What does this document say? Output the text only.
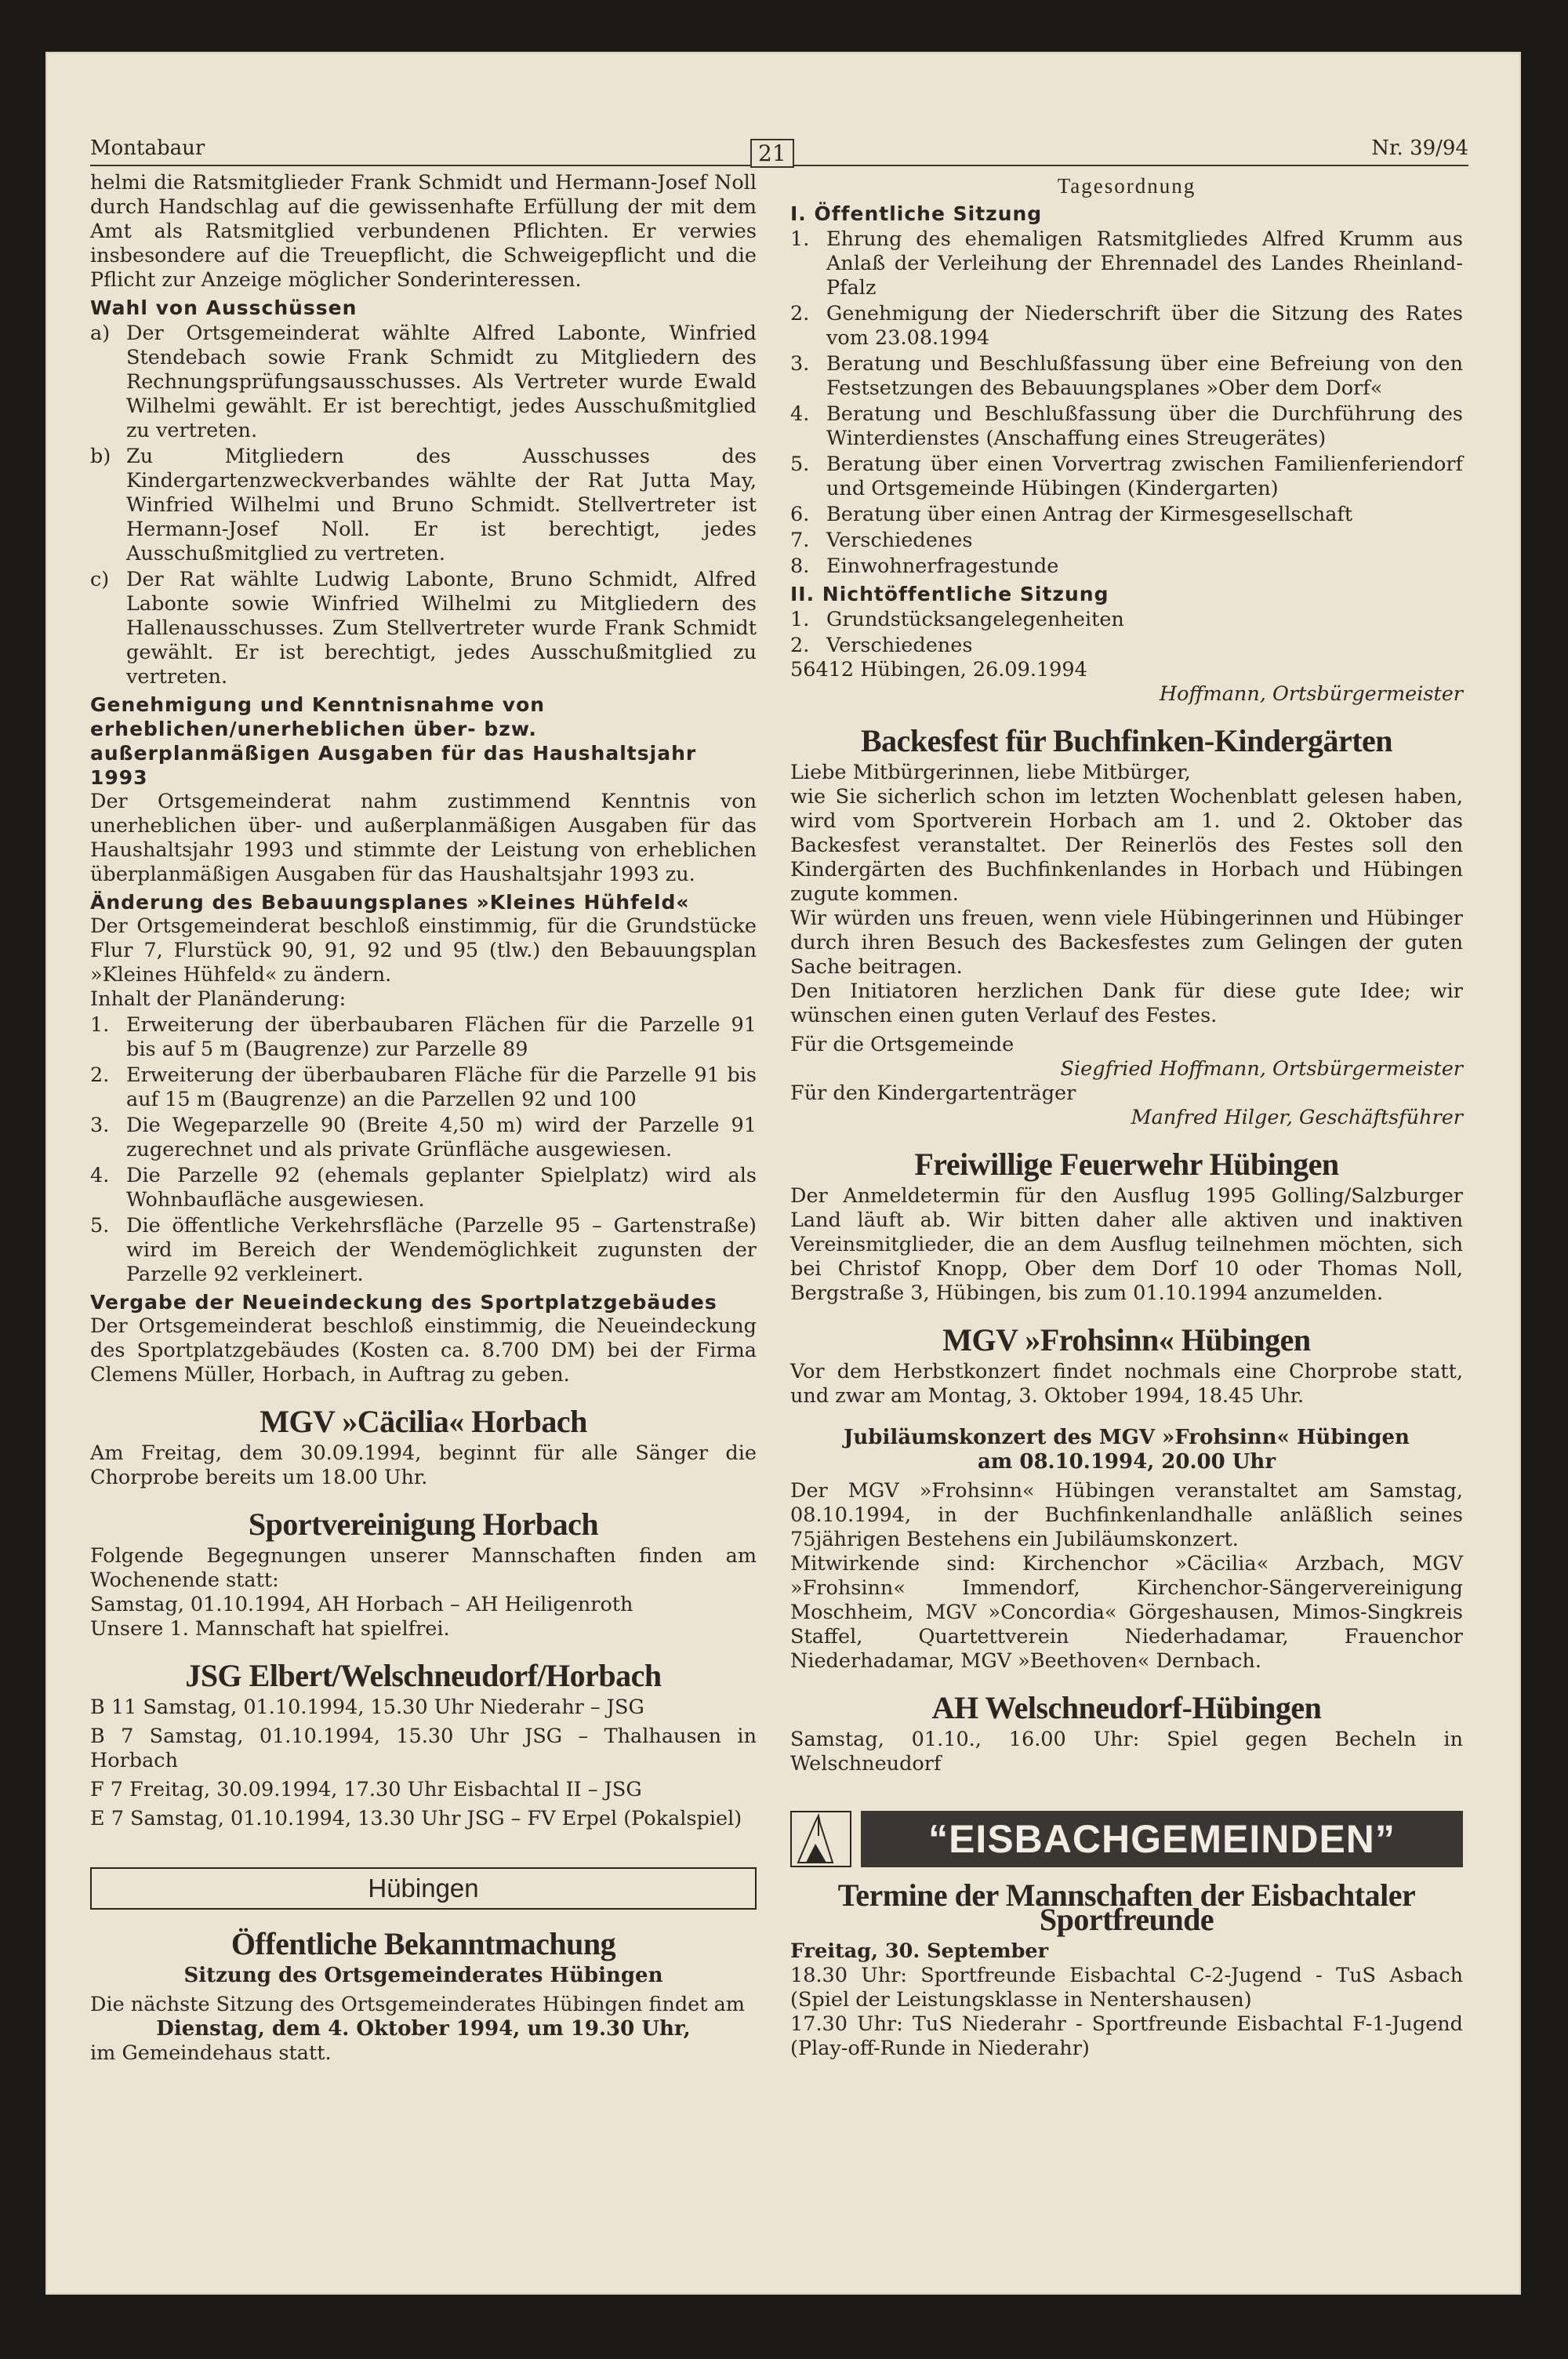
Montabaur	21	Nr. 39/94

helmi die Ratsmitglieder Frank Schmidt und Hermann-Josef Noll durch Handschlag auf die gewissenhafte Erfüllung der mit dem Amt als Ratsmitglied verbundenen Pflichten. Er verwies insbesondere auf die Treuepflicht, die Schweigepflicht und die Pflicht zur Anzeige möglicher Sonderinteressen.

Wahl von Ausschüssen
a) Der Ortsgemeinderat wählte Alfred Labonte, Winfried Stendebach sowie Frank Schmidt zu Mitgliedern des Rechnungsprüfungsausschusses. Als Vertreter wurde Ewald Wilhelmi gewählt. Er ist berechtigt, jedes Ausschußmitglied zu vertreten.
b) Zu Mitgliedern des Ausschusses des Kindergartenzweckverbandes wählte der Rat Jutta May, Winfried Wilhelmi und Bruno Schmidt. Stellvertreter ist Hermann-Josef Noll. Er ist berechtigt, jedes Ausschußmitglied zu vertreten.
c) Der Rat wählte Ludwig Labonte, Bruno Schmidt, Alfred Labonte sowie Winfried Wilhelmi zu Mitgliedern des Hallenausschusses. Zum Stellvertreter wurde Frank Schmidt gewählt. Er ist berechtigt, jedes Ausschußmitglied zu vertreten.
Genehmigung und Kenntnisnahme von erheblichen/unerheblichen über- bzw. außerplanmäßigen Ausgaben für das Haushaltsjahr 1993

Der Ortsgemeinderat nahm zustimmend Kenntnis von unerheblichen über- und außerplanmäßigen Ausgaben für das Haushaltsjahr 1993 und stimmte der Leistung von erheblichen überplanmäßigen Ausgaben für das Haushaltsjahr 1993 zu.

Änderung des Bebauungsplanes »Kleines Hühfeld«

Der Ortsgemeinderat beschloß einstimmig, für die Grundstücke Flur 7, Flurstück 90, 91, 92 und 95 (tlw.) den Bebauungsplan »Kleines Hühfeld« zu ändern.

Inhalt der Planänderung:

1. Erweiterung der überbaubaren Flächen für die Parzelle 91 bis auf 5 m (Baugrenze) zur Parzelle 89
2. Erweiterung der überbaubaren Fläche für die Parzelle 91 bis auf 15 m (Baugrenze) an die Parzellen 92 und 100
3. Die Wegeparzelle 90 (Breite 4,50 m) wird der Parzelle 91 zugerechnet und als private Grünfläche ausgewiesen.
4. Die Parzelle 92 (ehemals geplanter Spielplatz) wird als Wohnbaufläche ausgewiesen.
5. Die öffentliche Verkehrsfläche (Parzelle 95 – Gartenstraße) wird im Bereich der Wendemöglichkeit zugunsten der Parzelle 92 verkleinert.
Vergabe der Neueindeckung des Sportplatzgebäudes

Der Ortsgemeinderat beschloß einstimmig, die Neueindeckung des Sportplatzgebäudes (Kosten ca. 8.700 DM) bei der Firma Clemens Müller, Horbach, in Auftrag zu geben.

MGV »Cäcilia« Horbach

Am Freitag, dem 30.09.1994, beginnt für alle Sänger die Chorprobe bereits um 18.00 Uhr.

Sportvereinigung Horbach

Folgende Begegnungen unserer Mannschaften finden am Wochenende statt:

Samstag, 01.10.1994, AH Horbach – AH Heiligenroth

Unsere 1. Mannschaft hat spielfrei.

JSG Elbert/Welschneudorf/Horbach

B 11 Samstag, 01.10.1994, 15.30 Uhr Niederahr – JSG

B 7 Samstag, 01.10.1994, 15.30 Uhr JSG – Thalhausen in Horbach

F 7 Freitag, 30.09.1994, 17.30 Uhr Eisbachtal II – JSG

E 7 Samstag, 01.10.1994, 13.30 Uhr JSG – FV Erpel (Pokalspiel)

Hübingen
Öffentliche Bekanntmachung
Sitzung des Ortsgemeinderates Hübingen

Die nächste Sitzung des Ortsgemeinderates Hübingen findet am

Dienstag, dem 4. Oktober 1994, um 19.30 Uhr,

im Gemeindehaus statt.

Tagesordnung
I. Öffentliche Sitzung
1. Ehrung des ehemaligen Ratsmitgliedes Alfred Krumm aus Anlaß der Verleihung der Ehrennadel des Landes Rheinland-Pfalz
2. Genehmigung der Niederschrift über die Sitzung des Rates vom 23.08.1994
3. Beratung und Beschlußfassung über eine Befreiung von den Festsetzungen des Bebauungsplanes »Ober dem Dorf«
4. Beratung und Beschlußfassung über die Durchführung des Winterdienstes (Anschaffung eines Streugerätes)
5. Beratung über einen Vorvertrag zwischen Familienferiendorf und Ortsgemeinde Hübingen (Kindergarten)
6. Beratung über einen Antrag der Kirmesgesellschaft
7. Verschiedenes
8. Einwohnerfragestunde
II. Nichtöffentliche Sitzung
1. Grundstücksangelegenheiten
2. Verschiedenes

56412 Hübingen, 26.09.1994

Hoffmann, Ortsbürgermeister

Backesfest für Buchfinken-Kindergärten

Liebe Mitbürgerinnen, liebe Mitbürger,

wie Sie sicherlich schon im letzten Wochenblatt gelesen haben, wird vom Sportverein Horbach am 1. und 2. Oktober das Backesfest veranstaltet. Der Reinerlös des Festes soll den Kindergärten des Buchfinkenlandes in Horbach und Hübingen zugute kommen.

Wir würden uns freuen, wenn viele Hübingerinnen und Hübinger durch ihren Besuch des Backesfestes zum Gelingen der guten Sache beitragen.

Den Initiatoren herzlichen Dank für diese gute Idee; wir wünschen einen guten Verlauf des Festes.

Für die Ortsgemeinde

Siegfried Hoffmann, Ortsbürgermeister

Für den Kindergartenträger

Manfred Hilger, Geschäftsführer

Freiwillige Feuerwehr Hübingen

Der Anmeldetermin für den Ausflug 1995 Golling/Salzburger Land läuft ab. Wir bitten daher alle aktiven und inaktiven Vereinsmitglieder, die an dem Ausflug teilnehmen möchten, sich bei Christof Knopp, Ober dem Dorf 10 oder Thomas Noll, Bergstraße 3, Hübingen, bis zum 01.10.1994 anzumelden.

MGV »Frohsinn« Hübingen

Vor dem Herbstkonzert findet nochmals eine Chorprobe statt, und zwar am Montag, 3. Oktober 1994, 18.45 Uhr.

Jubiläumskonzert des MGV »Frohsinn« Hübingen
am 08.10.1994, 20.00 Uhr

Der MGV »Frohsinn« Hübingen veranstaltet am Samstag, 08.10.1994, in der Buchfinkenlandhalle anläßlich seines 75jährigen Bestehens ein Jubiläumskonzert.

Mitwirkende sind: Kirchenchor »Cäcilia« Arzbach, MGV »Frohsinn« Immendorf, Kirchenchor-Sängervereinigung Moschheim, MGV »Concordia« Görgeshausen, Mimos-Singkreis Staffel, Quartettverein Niederhadamar, Frauenchor Niederhadamar, MGV »Beethoven« Dernbach.

AH Welschneudorf-Hübingen

Samstag, 01.10., 16.00 Uhr: Spiel gegen Becheln in Welschneudorf

“EISBACHGEMEINDEN”
Termine der Mannschaften der Eisbachtaler Sportfreunde

Freitag, 30. September

18.30 Uhr: Sportfreunde Eisbachtal C-2-Jugend - TuS Asbach (Spiel der Leistungsklasse in Nentershausen)

17.30 Uhr: TuS Niederahr - Sportfreunde Eisbachtal F-1-Jugend (Play-off-Runde in Niederahr)
